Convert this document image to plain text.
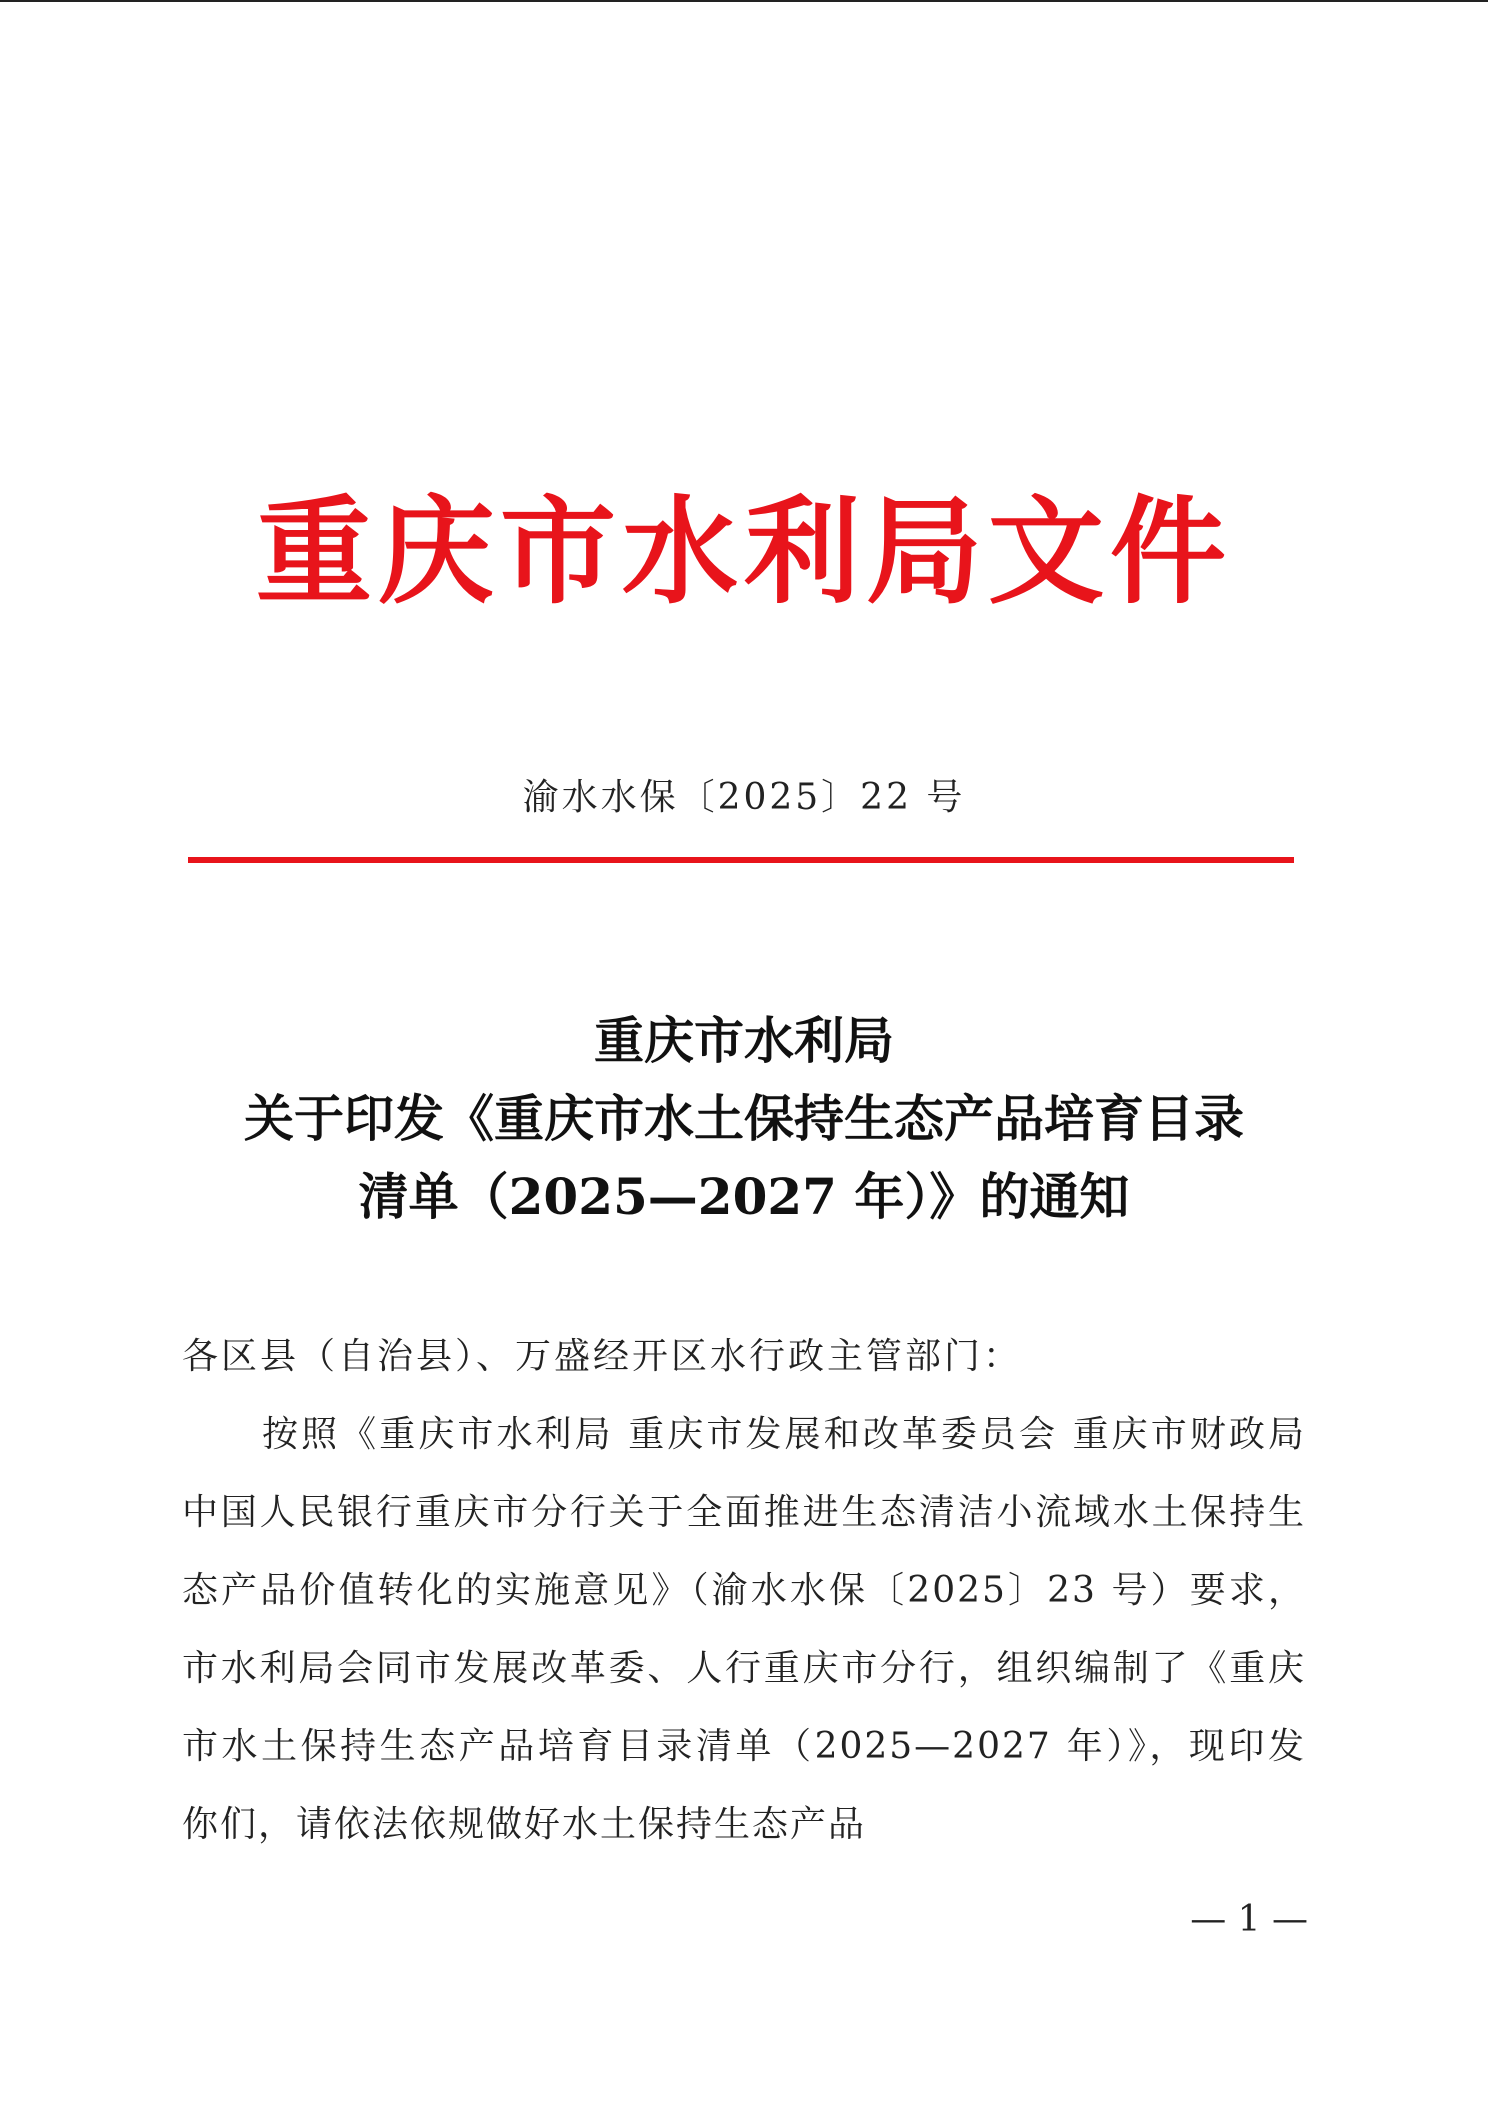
重庆市水利局文件
渝水水保〔2025〕22 号
重庆市水利局
关于印发《重庆市水土保持生态产品培育目录
清单（2025—2027 年）》的通知

各区县（自治县）、万盛经开区水行政主管部门：

按照《重庆市水利局 重庆市发展和改革委员会 重庆市财政局 中国人民银行重庆市分行关于全面推进生态清洁小流域水土保持生态产品价值转化的实施意见》（渝水水保〔2025〕23 号）要求，市水利局会同市发展改革委、人行重庆市分行，组织编制了《重庆市水土保持生态产品培育目录清单（2025—2027 年）》，现印发你们，请依法依规做好水土保持生态产品

— 1 —
